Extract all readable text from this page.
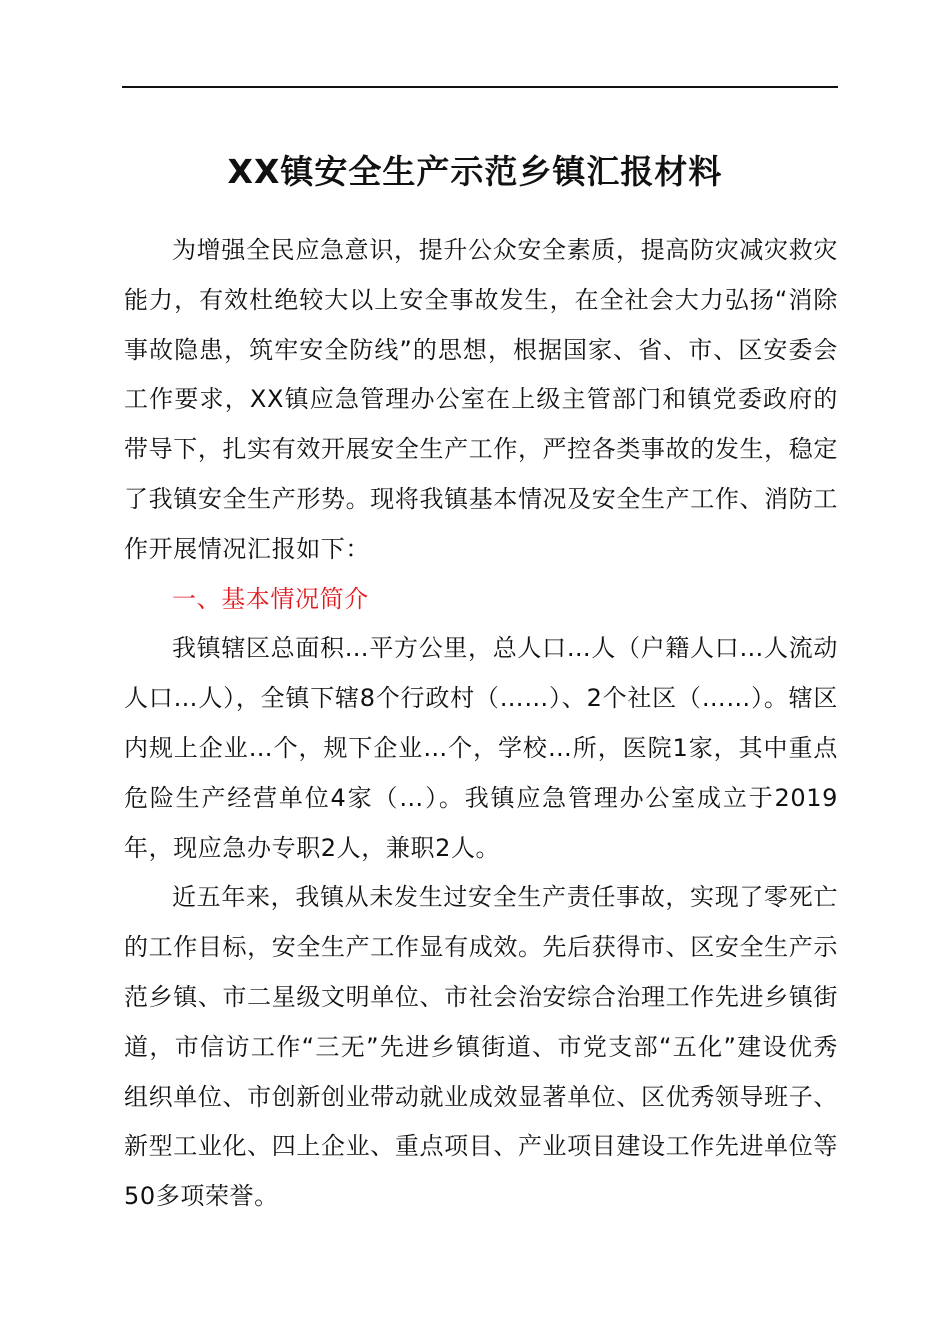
XX镇安全生产示范乡镇汇报材料

为增强全民应急意识，提升公众安全素质，提高防灾减灾救灾能力，有效杜绝较大以上安全事故发生，在全社会大力弘扬“消除事故隐患，筑牢安全防线”的思想，根据国家、省、市、区安委会工作要求，XX镇应急管理办公室在上级主管部门和镇党委政府的带导下，扎实有效开展安全生产工作，严控各类事故的发生，稳定了我镇安全生产形势。现将我镇基本情况及安全生产工作、消防工作开展情况汇报如下：

一、基本情况简介

我镇辖区总面积…平方公里，总人口…人（户籍人口…人流动人口…人），全镇下辖8个行政村（……）、2个社区（……）。辖区内规上企业…个，规下企业…个，学校…所，医院1家，其中重点危险生产经营单位4家（…）。我镇应急管理办公室成立于2019年，现应急办专职2人，兼职2人。

近五年来，我镇从未发生过安全生产责任事故，实现了零死亡的工作目标，安全生产工作显有成效。先后获得市、区安全生产示范乡镇、市二星级文明单位、市社会治安综合治理工作先进乡镇街道，市信访工作“三无”先进乡镇街道、市党支部“五化”建设优秀组织单位、市创新创业带动就业成效显著单位、区优秀领导班子、新型工业化、四上企业、重点项目、产业项目建设工作先进单位等50多项荣誉。
